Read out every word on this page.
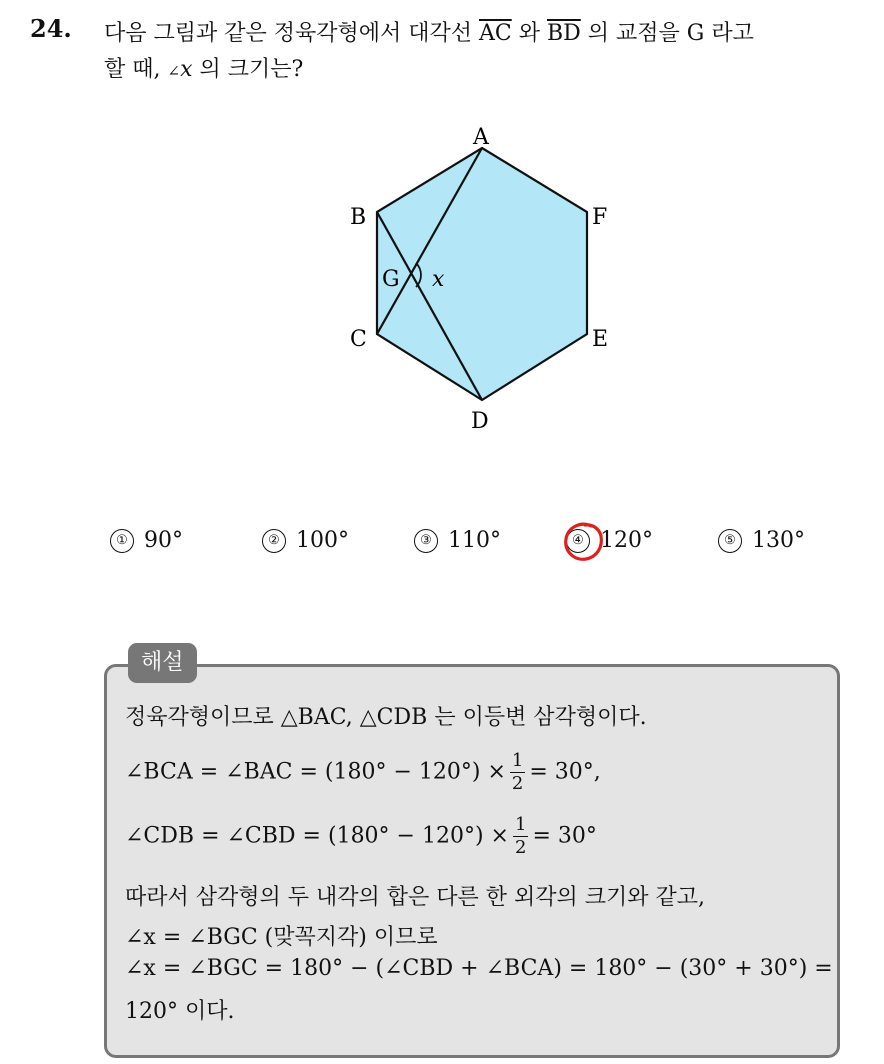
24. 다음 그림과 같은 정육각형에서 대각선 $\overline{AC}$ 와 $\overline{BD}$ 의 교점을 G 라고
할 때, ∠x 의 크기는?
A
B	F
C	E
D
G x
① 90°	② 100°	③ 110°	④ 120°	⑤ 130°
해설
정육각형이므로 △BAC, △CDB 는 이등변 삼각형이다.
∠BCA = ∠BAC = $(180^\circ - 120^\circ) \times \frac{1}{2} = 30^\circ$,
∠CDB = ∠CBD = $(180^\circ - 120^\circ) \times \frac{1}{2} = 30^\circ$
따라서 삼각형의 두 내각의 합은 다른 한 외각의 크기와 같고,
∠x = ∠BGC (맞꼭지각) 이므로
∠x = ∠BGC = 180° − (∠CBD + ∠BCA) = 180° − (30° + 30°) =
120° 이다.
